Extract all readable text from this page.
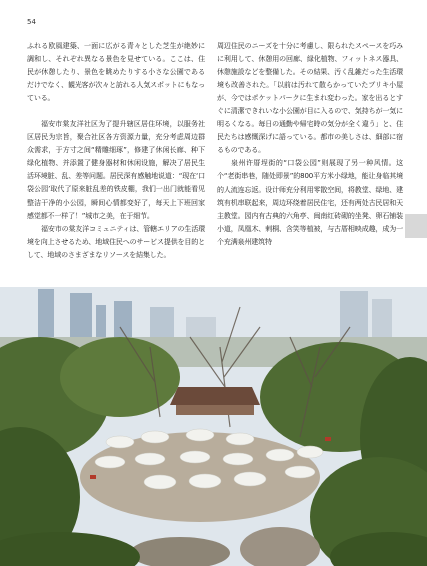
54

ふれる欧風建築、一面に広がる青々とした芝生が絶妙に調和し、それぞれ異なる景色を見せている。ここは、住民が休憩したり、景色を眺めたりする小さな公園であるだけでなく、観光客が次々と訪れる人気スポットにもなっている。

福安市棠友洋社区为了提升辖区居住环境，以服务社区居民为宗旨，聚合社区各方资源力量，充分考虑周边群众需求，于方寸之间“精雕细琢”，修建了休闲长廊、种下绿化植物、并添置了健身器材和休闲设施，解决了居民生活环境脏、乱、差等问题。居民深有感触地说道：“现在‘口袋公园’取代了原来脏乱差的铁皮棚，我们一出门就能看见整洁干净的小公园，瞬间心情都变好了，每天上下班回家感觉都不一样了！”城市之美，在于细节。

福安市の棠友洋コミュニティは、管轄エリアの生活環境を向上させるため、地域住民へのサービス提供を目的として、地域のさまざまなリソースを結集した。

周辺住民のニーズを十分に考慮し、限られたスペースを巧みに利用して、休憩用の回廊、緑化植物、フィットネス器具、休憩施設などを整備した。その結果、汚く乱雑だった生活環境も改善された。「以前は汚れて散らかっていたブリキ小屋が、今ではポケットパークに生まれ変わった。家を出るとすぐに清潔できれいな小公園が目に入るので、気持ちが一気に明るくなる。毎日の通勤や帰宅時の気分が全く違う」と、住民たちは感慨深げに語っている。都市の美しさは、細部に宿るものである。

泉州许厝埕街的“口袋公园”则展现了另一种风情。这个“老街串巷，随处即景”的800平方米小绿地，能让身临其境的人流连忘返。设计师充分利用零散空间，将教堂、绿地、建筑有机串联起来，周边环绕着居民住宅，还有两处古民居和天主教堂。园内有古典的六角亭、闽南红砖砌的坐凳、卵石铺装小道，凤凰木、剌桐、含笑等植被，与古厝相映成趣，成为一个充满泉州建筑特
